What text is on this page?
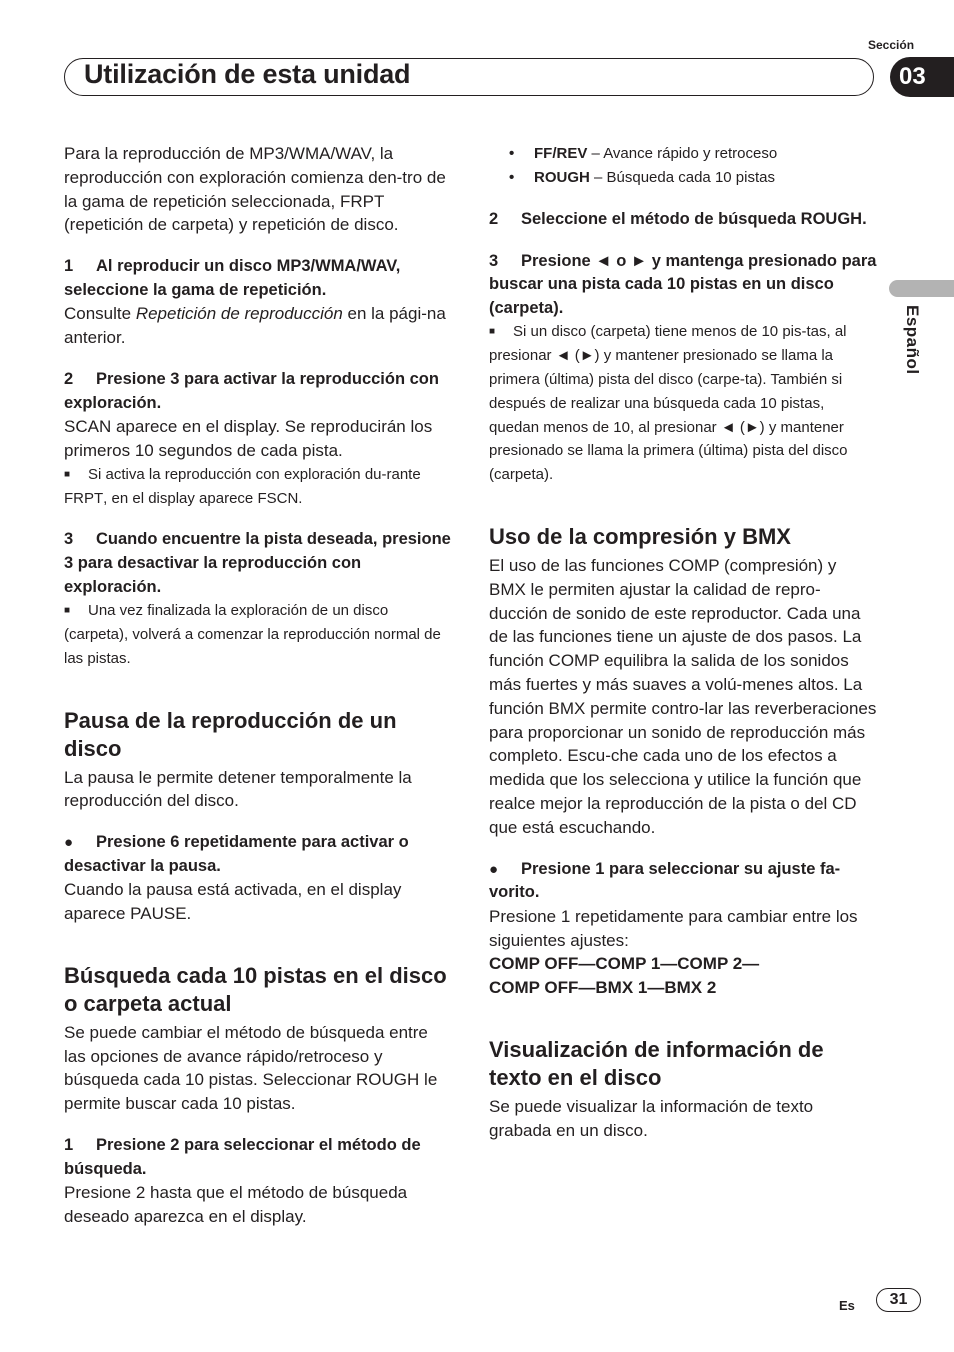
Sección
Utilización de esta unidad	03
Español

Para la reproducción de MP3/WMA/WAV, la reproducción con exploración comienza den-tro de la gama de repetición seleccionada, FRPT (repetición de carpeta) y repetición de disco.

1 Al reproducir un disco MP3/WMA/WAV, seleccione la gama de repetición.

Consulte Repetición de reproducción en la pági-na anterior.

2 Presione 3 para activar la reproducción con exploración.

SCAN aparece en el display. Se reproducirán los primeros 10 segundos de cada pista.

■ Si activa la reproducción con exploración du-rante FRPT, en el display aparece FSCN.

3 Cuando encuentre la pista deseada, presione 3 para desactivar la reproducción con exploración.

■ Una vez finalizada la exploración de un disco (carpeta), volverá a comenzar la reproducción normal de las pistas.

Pausa de la reproducción de un disco

La pausa le permite detener temporalmente la reproducción del disco.

● Presione 6 repetidamente para activar o desactivar la pausa.

Cuando la pausa está activada, en el display aparece PAUSE.

Búsqueda cada 10 pistas en el disco o carpeta actual

Se puede cambiar el método de búsqueda entre las opciones de avance rápido/retroceso y búsqueda cada 10 pistas. Seleccionar ROUGH le permite buscar cada 10 pistas.

1 Presione 2 para seleccionar el método de búsqueda.

Presione 2 hasta que el método de búsqueda deseado aparezca en el display.

• FF/REV – Avance rápido y retroceso

• ROUGH – Búsqueda cada 10 pistas

2 Seleccione el método de búsqueda ROUGH.

3 Presione ◄ o ► y mantenga presionado para buscar una pista cada 10 pistas en un disco (carpeta).

■ Si un disco (carpeta) tiene menos de 10 pis-tas, al presionar ◄ (►) y mantener presionado se llama la primera (última) pista del disco (carpe-ta). También si después de realizar una búsqueda cada 10 pistas, quedan menos de 10, al presionar ◄ (►) y mantener presionado se llama la primera (última) pista del disco (carpeta).

Uso de la compresión y BMX

El uso de las funciones COMP (compresión) y BMX le permiten ajustar la calidad de repro-ducción de sonido de este reproductor. Cada una de las funciones tiene un ajuste de dos pasos. La función COMP equilibra la salida de los sonidos más fuertes y más suaves a volú-menes altos. La función BMX permite contro-lar las reverberaciones para proporcionar un sonido de reproducción más completo. Escu-che cada uno de los efectos a medida que los selecciona y utilice la función que realce mejor la reproducción de la pista o del CD que está escuchando.

● Presione 1 para seleccionar su ajuste fa-vorito.

Presione 1 repetidamente para cambiar entre los siguientes ajustes:

COMP OFF—COMP 1—COMP 2—

COMP OFF—BMX 1—BMX 2

Visualización de información de texto en el disco

Se puede visualizar la información de texto grabada en un disco.

Es	31
